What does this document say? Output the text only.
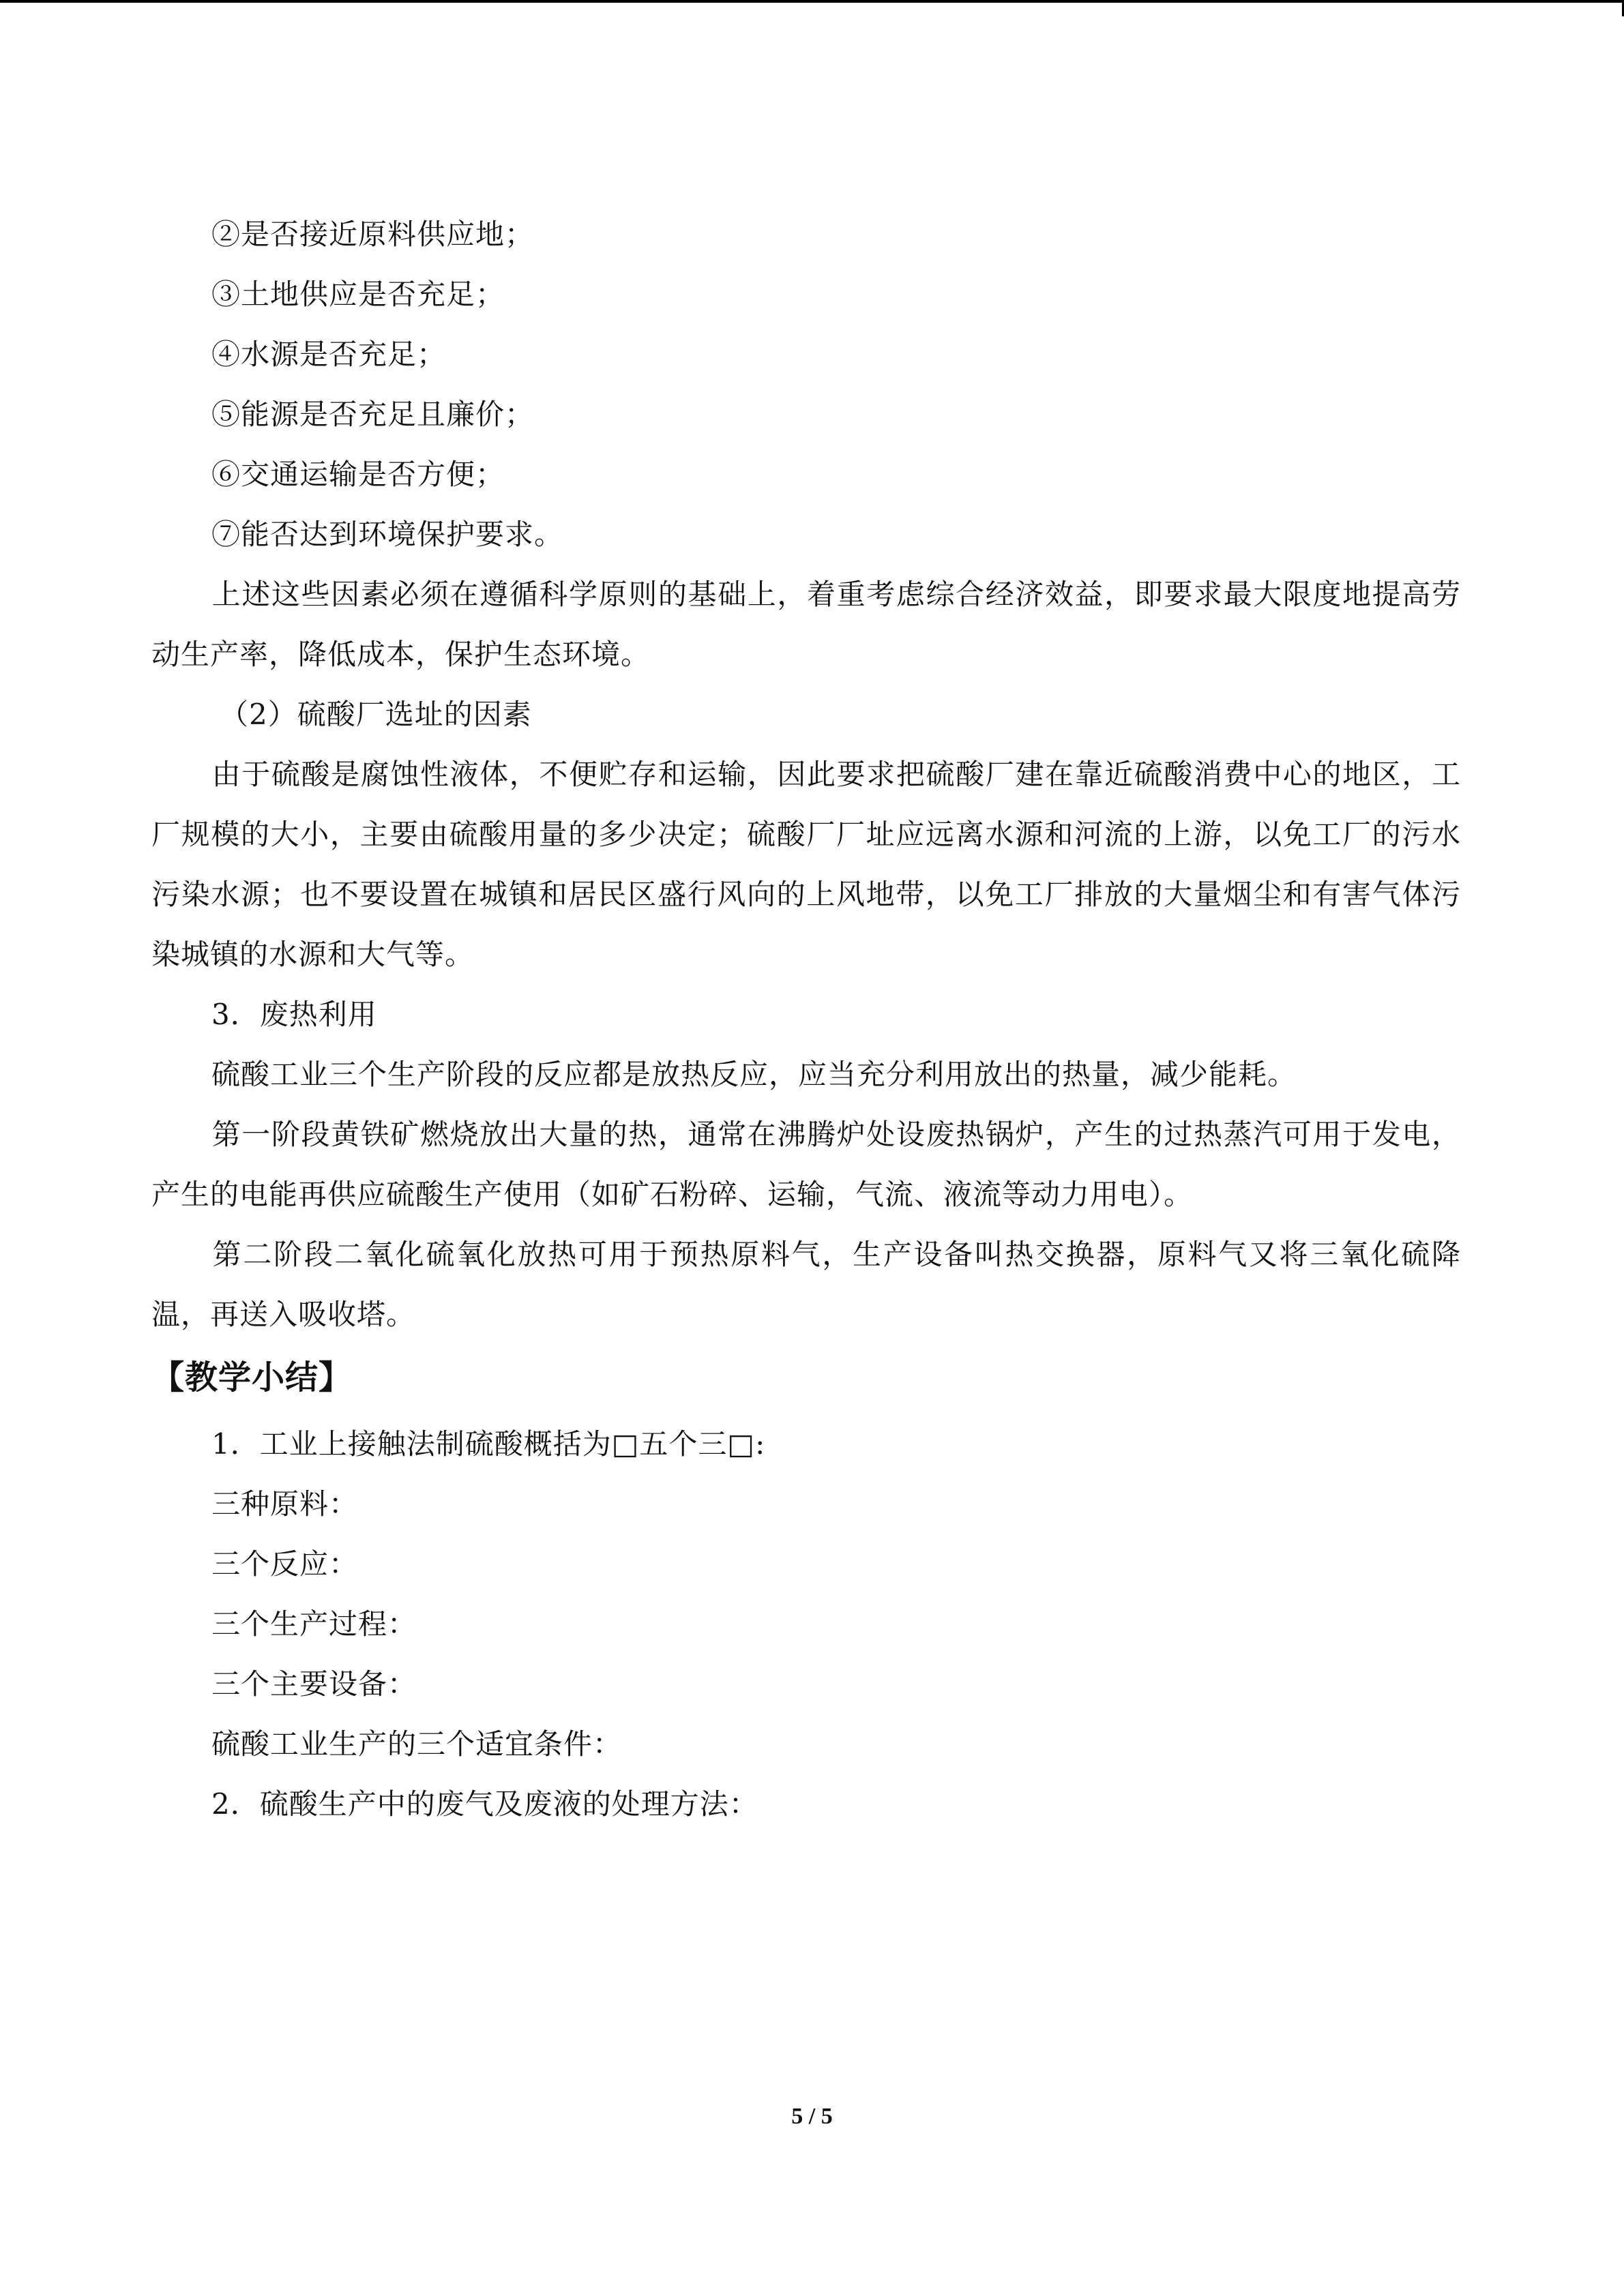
②是否接近原料供应地；
③土地供应是否充足；
④水源是否充足；
⑤能源是否充足且廉价；
⑥交通运输是否方便；
⑦能否达到环境保护要求。
上述这些因素必须在遵循科学原则的基础上，着重考虑综合经济效益，即要求最大限度地提高劳动生产率，降低成本，保护生态环境。
（2）硫酸厂选址的因素
由于硫酸是腐蚀性液体，不便贮存和运输，因此要求把硫酸厂建在靠近硫酸消费中心的地区，工厂规模的大小，主要由硫酸用量的多少决定；硫酸厂厂址应远离水源和河流的上游，以免工厂的污水污染水源；也不要设置在城镇和居民区盛行风向的上风地带，以免工厂排放的大量烟尘和有害气体污染城镇的水源和大气等。
3．废热利用
硫酸工业三个生产阶段的反应都是放热反应，应当充分利用放出的热量，减少能耗。
第一阶段黄铁矿燃烧放出大量的热，通常在沸腾炉处设废热锅炉，产生的过热蒸汽可用于发电，产生的电能再供应硫酸生产使用（如矿石粉碎、运输，气流、液流等动力用电）。
第二阶段二氧化硫氧化放热可用于预热原料气，生产设备叫热交换器，原料气又将三氧化硫降温，再送入吸收塔。
【教学小结】
1．工业上接触法制硫酸概括为□五个三□:
三种原料：
三个反应：
三个生产过程：
三个主要设备：
硫酸工业生产的三个适宜条件：
2．硫酸生产中的废气及废液的处理方法：
5 / 5
